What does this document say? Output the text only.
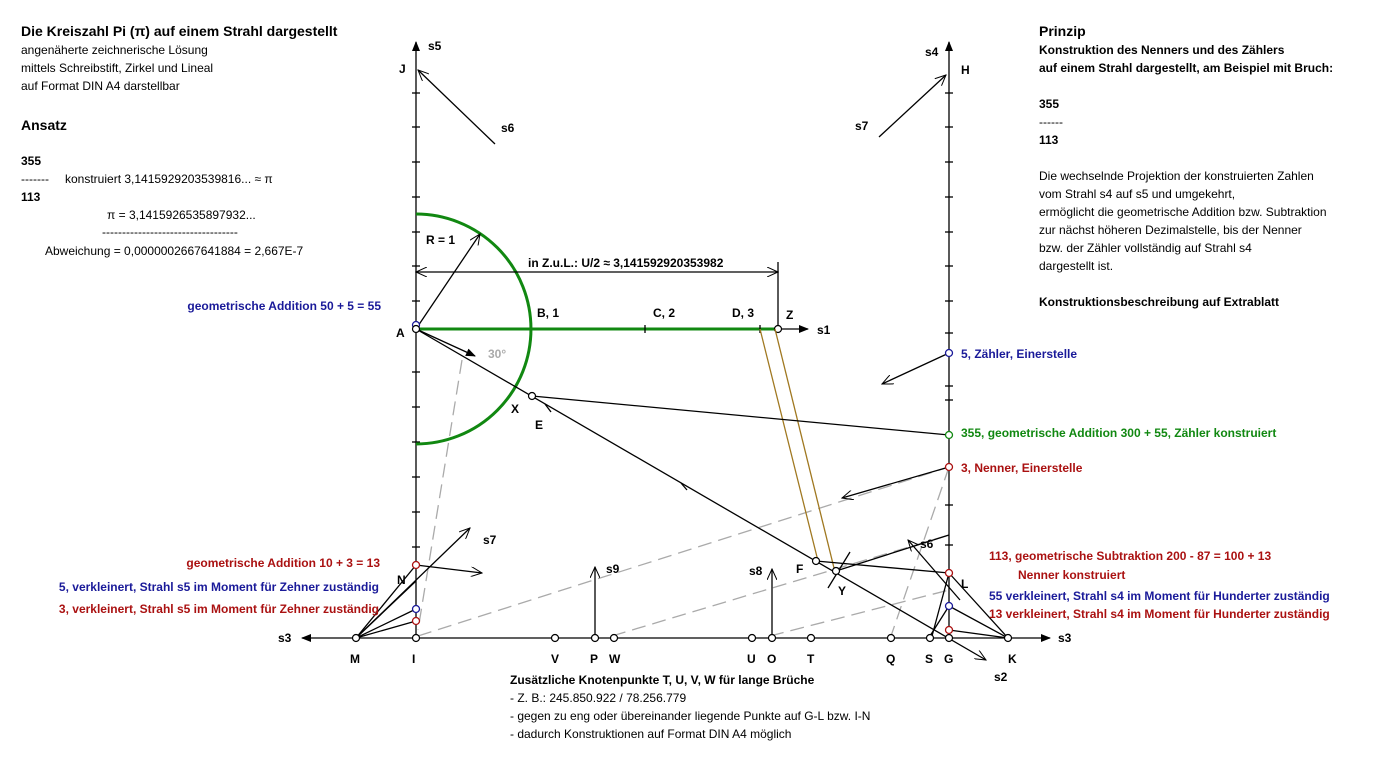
Die Kreiszahl Pi (π) auf einem Strahl dargestellt
angenäherte zeichnerische Lösung
mittels Schreibstift, Zirkel und Lineal
auf Format DIN A4 darstellbar
Ansatz
355
------- konstruiert 3,1415929203539816... ≈ π
113
π = 3,1415926535897932...
----------------------------------
Abweichung = 0,0000002667641884 = 2,667E-7
Prinzip
Konstruktion des Nenners und des Zählers
auf einem Strahl dargestellt, am Beispiel mit Bruch:
355
------
113
Die wechselnde Projektion der konstruierten Zahlen
vom Strahl s4 auf s5 und umgekehrt,
ermöglicht die geometrische Addition bzw. Subtraktion
zur nächst höheren Dezimalstelle, bis der Nenner
bzw. der Zähler vollständig auf Strahl s4
dargestellt ist.
Konstruktionsbeschreibung auf Extrablatt
Zusätzliche Knotenpunkte T, U, V, W für lange Brüche
- Z. B.: 245.850.922 / 78.256.779
- gegen zu eng oder übereinander liegende Punkte auf G-L bzw. I-N
- dadurch Konstruktionen auf Format DIN A4 möglich
s5
J
s6
s4
H
s7
R = 1
in Z.u.L.: U/2 ≈ 3,141592920353982
B, 1	C, 2	D, 3	Z
s1
A
X
E
F
Y
s7
s9	s8
s6
N	L
s3	s3
M	I	V	P W	U O	T	Q S G	K
s2
30°
geometrische Addition 50 + 5 = 55
geometrische Addition 10 + 3 = 13
5, verkleinert, Strahl s5 im Moment für Zehner zuständig
3, verkleinert, Strahl s5 im Moment für Zehner zuständig
5, Zähler, Einerstelle
355, geometrische Addition 300 + 55, Zähler konstruiert
3, Nenner, Einerstelle
113, geometrische Subtraktion 200 - 87 = 100 + 13
Nenner konstruiert
55 verkleinert, Strahl s4 im Moment für Hunderter zuständig
13 verkleinert, Strahl s4 im Moment für Hunderter zuständig
